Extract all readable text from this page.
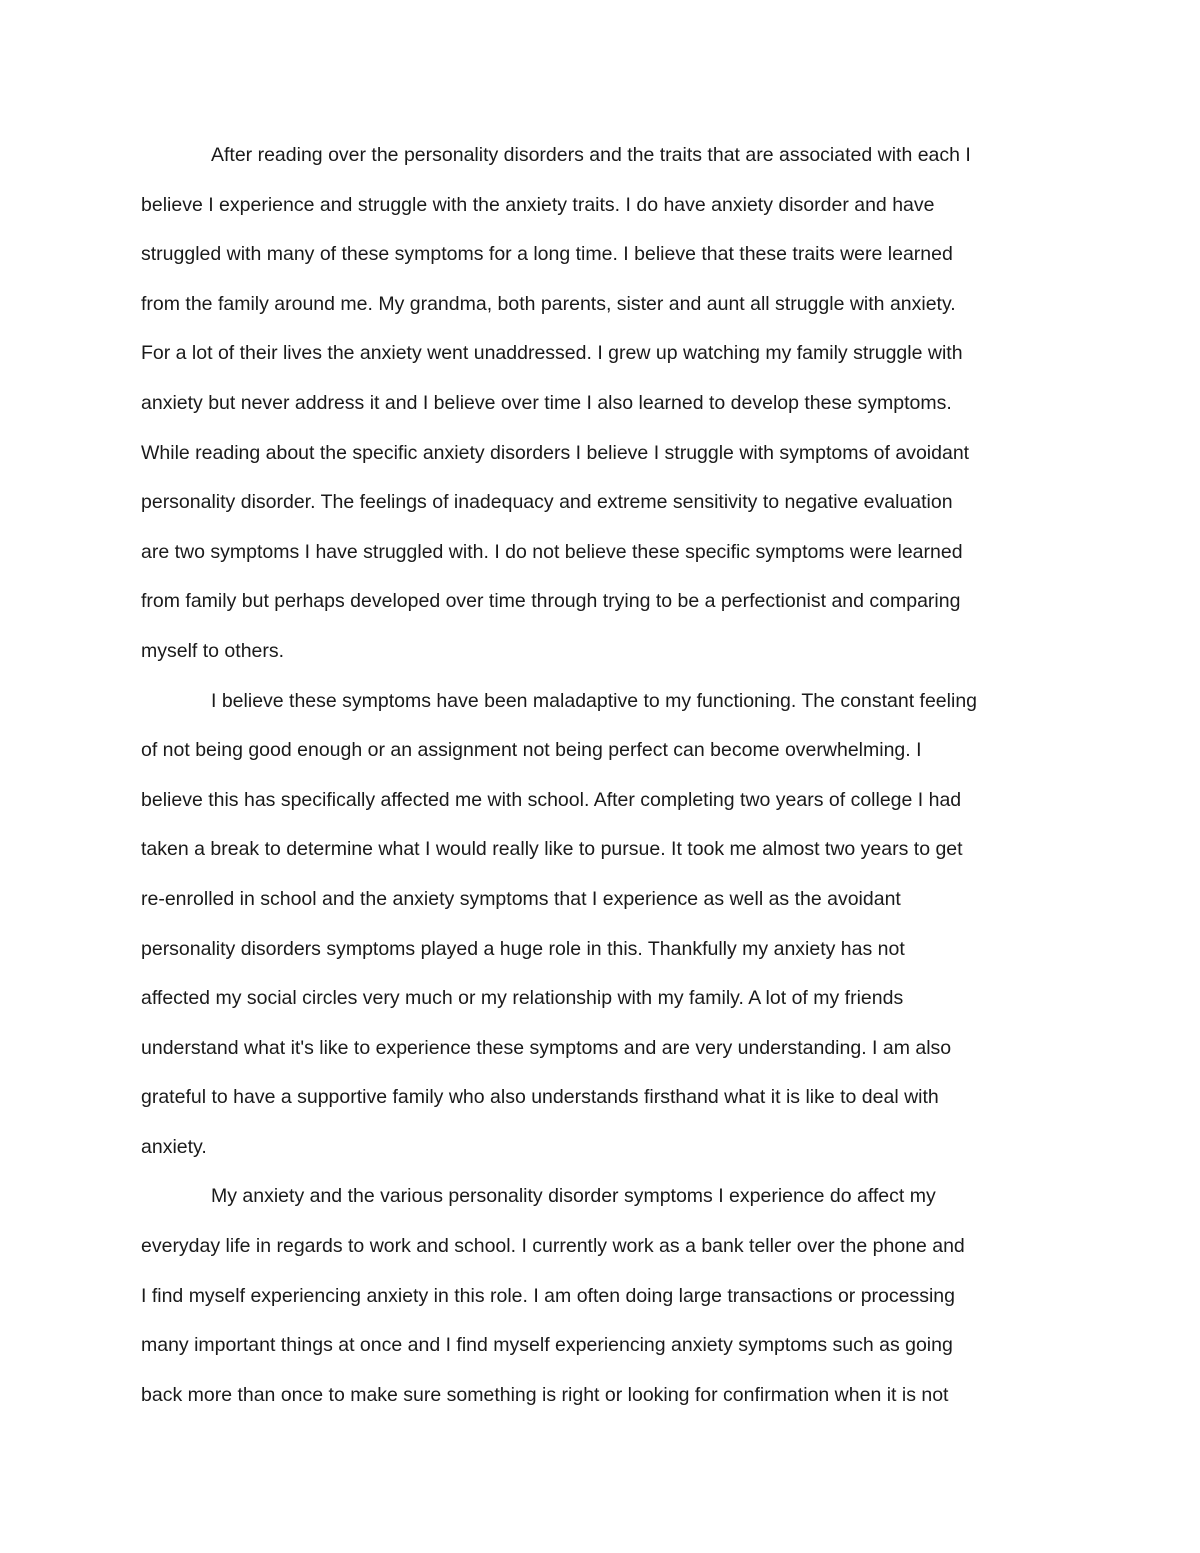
After reading over the personality disorders and the traits that are associated with each I
believe I experience and struggle with the anxiety traits. I do have anxiety disorder and have
struggled with many of these symptoms for a long time. I believe that these traits were learned
from the family around me. My grandma, both parents, sister and aunt all struggle with anxiety.
For a lot of their lives the anxiety went unaddressed. I grew up watching my family struggle with
anxiety but never address it and I believe over time I also learned to develop these symptoms.
While reading about the specific anxiety disorders I believe I struggle with symptoms of avoidant
personality disorder. The feelings of inadequacy and extreme sensitivity to negative evaluation
are two symptoms I have struggled with. I do not believe these specific symptoms were learned
from family but perhaps developed over time through trying to be a perfectionist and comparing
myself to others.
I believe these symptoms have been maladaptive to my functioning. The constant feeling
of not being good enough or an assignment not being perfect can become overwhelming. I
believe this has specifically affected me with school. After completing two years of college I had
taken a break to determine what I would really like to pursue. It took me almost two years to get
re-enrolled in school and the anxiety symptoms that I experience as well as the avoidant
personality disorders symptoms played a huge role in this. Thankfully my anxiety has not
affected my social circles very much or my relationship with my family. A lot of my friends
understand what it's like to experience these symptoms and are very understanding. I am also
grateful to have a supportive family who also understands firsthand what it is like to deal with
anxiety.
My anxiety and the various personality disorder symptoms I experience do affect my
everyday life in regards to work and school. I currently work as a bank teller over the phone and
I find myself experiencing anxiety in this role. I am often doing large transactions or processing
many important things at once and I find myself experiencing anxiety symptoms such as going
back more than once to make sure something is right or looking for confirmation when it is not
